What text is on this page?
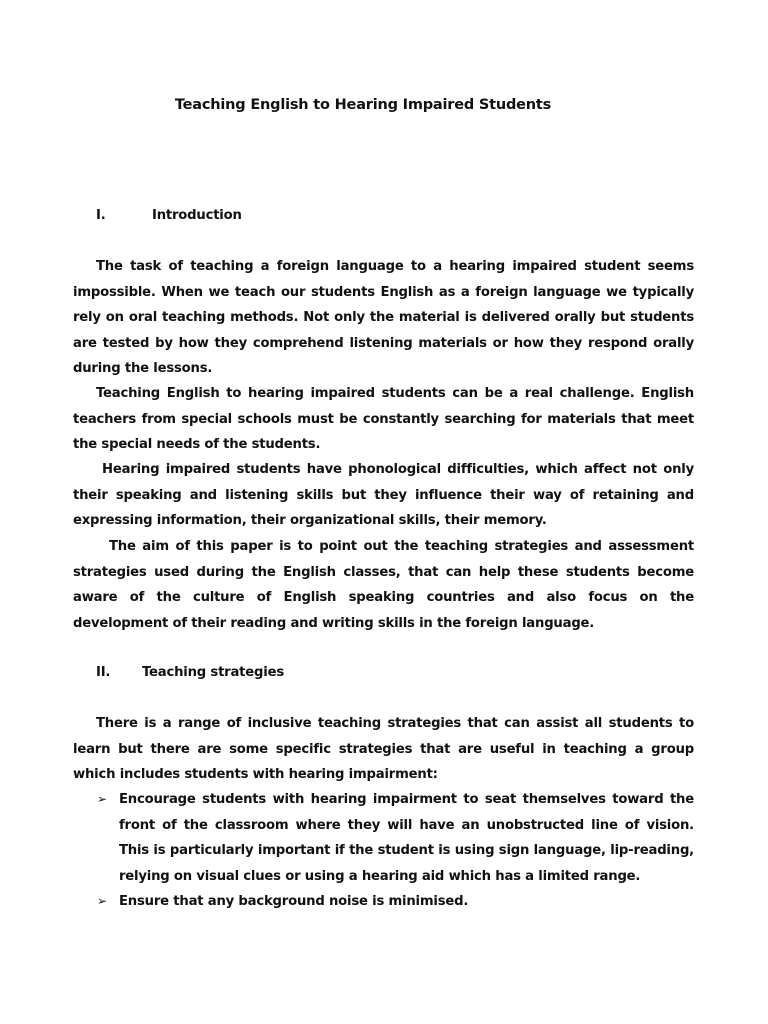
Teaching English to Hearing Impaired Students
I.	Introduction

The task of teaching a foreign language to a hearing impaired student seems impossible. When we teach our students English as a foreign language we typically rely on oral teaching methods. Not only the material is delivered orally but students are tested by how they comprehend listening materials or how they respond orally during the lessons.

Teaching English to hearing impaired students can be a real challenge. English teachers from special schools must be constantly searching for materials that meet the special needs of the students.

Hearing impaired students have phonological difficulties, which affect not only their speaking and listening skills but they influence their way of retaining and expressing information, their organizational skills, their memory.

The aim of this paper is to point out the teaching strategies and assessment strategies used during the English classes, that can help these students become aware of the culture of English speaking countries and also focus on the development of their reading and writing skills in the foreign language.

II. Teaching strategies

There is a range of inclusive teaching strategies that can assist all students to learn but there are some specific strategies that are useful in teaching a group which includes students with hearing impairment:

➢ Encourage students with hearing impairment to seat themselves toward the front of the classroom where they will have an unobstructed line of vision. This is particularly important if the student is using sign language, lip-reading, relying on visual clues or using a hearing aid which has a limited range.
➢ Ensure that any background noise is minimised.
